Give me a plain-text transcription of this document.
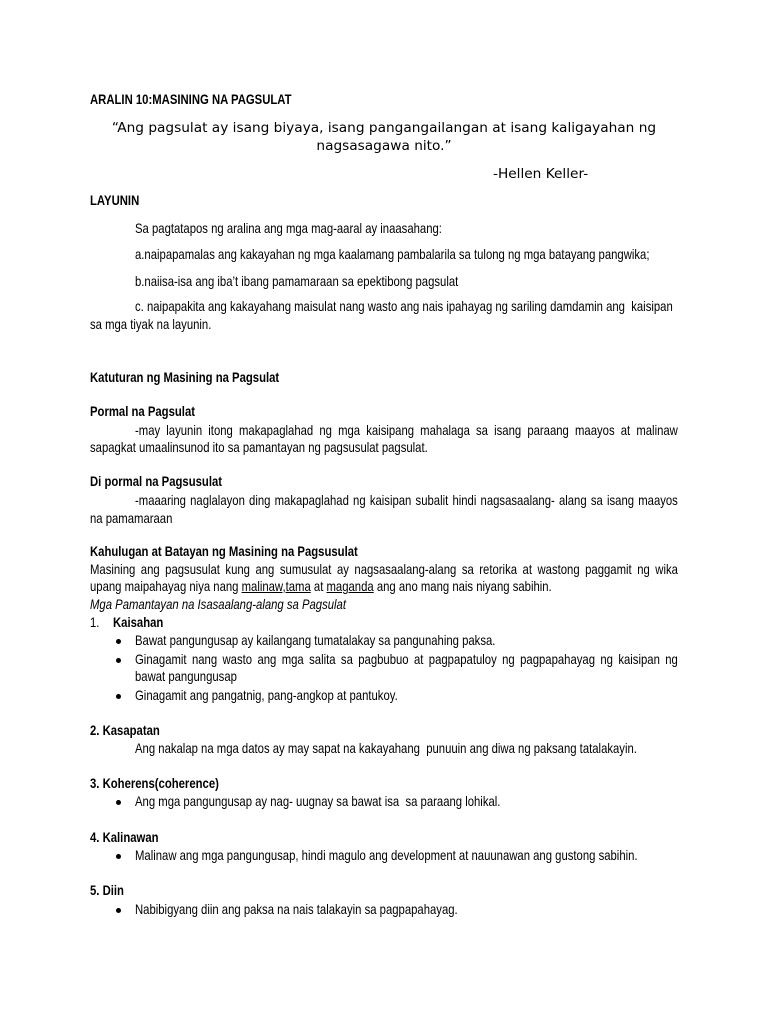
ARALIN 10:MASINING NA PAGSULAT
“Ang pagsulat ay isang biyaya, isang pangangailangan at isang kaligayahan ng
nagsasagawa nito.”
-Hellen Keller-
LAYUNIN
Sa pagtatapos ng aralina ang mga mag-aaral ay inaasahang:
a.naipapamalas ang kakayahan ng mga kaalamang pambalarila sa tulong ng mga batayang pangwika;
b.naiisa-isa ang iba’t ibang pamamaraan sa epektibong pagsulat
c. naipapakita ang kakayahang maisulat nang wasto ang nais ipahayag ng sariling damdamin ang  kaisipan
sa mga tiyak na layunin.
Katuturan ng Masining na Pagsulat
Pormal na Pagsulat
-may layunin itong makapaglahad ng mga kaisipang mahalaga sa isang paraang maayos at malinaw
sapagkat umaalinsunod ito sa pamantayan ng pagsusulat pagsulat.
Di pormal na Pagsusulat
-maaaring naglalayon ding makapaglahad ng kaisipan subalit hindi nagsasaalang- alang sa isang maayos
na pamamaraan
Kahulugan at Batayan ng Masining na Pagsusulat
Masining ang pagsusulat kung ang sumusulat ay nagsasaalang-alang sa retorika at wastong paggamit ng wika
upang maipahayag niya nang malinaw,tama at maganda ang ano mang nais niyang sabihin.
Mga Pamantayan na Isasaalang-alang sa Pagsulat
1. Kaisahan
Bawat pangungusap ay kailangang tumatalakay sa pangunahing paksa.
Ginagamit nang wasto ang mga salita sa pagbubuo at pagpapatuloy ng pagpapahayag ng kaisipan ng
bawat pangungusap
Ginagamit ang pangatnig, pang-angkop at pantukoy.
2. Kasapatan
Ang nakalap na mga datos ay may sapat na kakayahang  punuuin ang diwa ng paksang tatalakayin.
3. Koherens(coherence)
Ang mga pangungusap ay nag- uugnay sa bawat isa  sa paraang lohikal.
4. Kalinawan
Malinaw ang mga pangungusap, hindi magulo ang development at nauunawan ang gustong sabihin.
5. Diin
Nabibigyang diin ang paksa na nais talakayin sa pagpapahayag.
